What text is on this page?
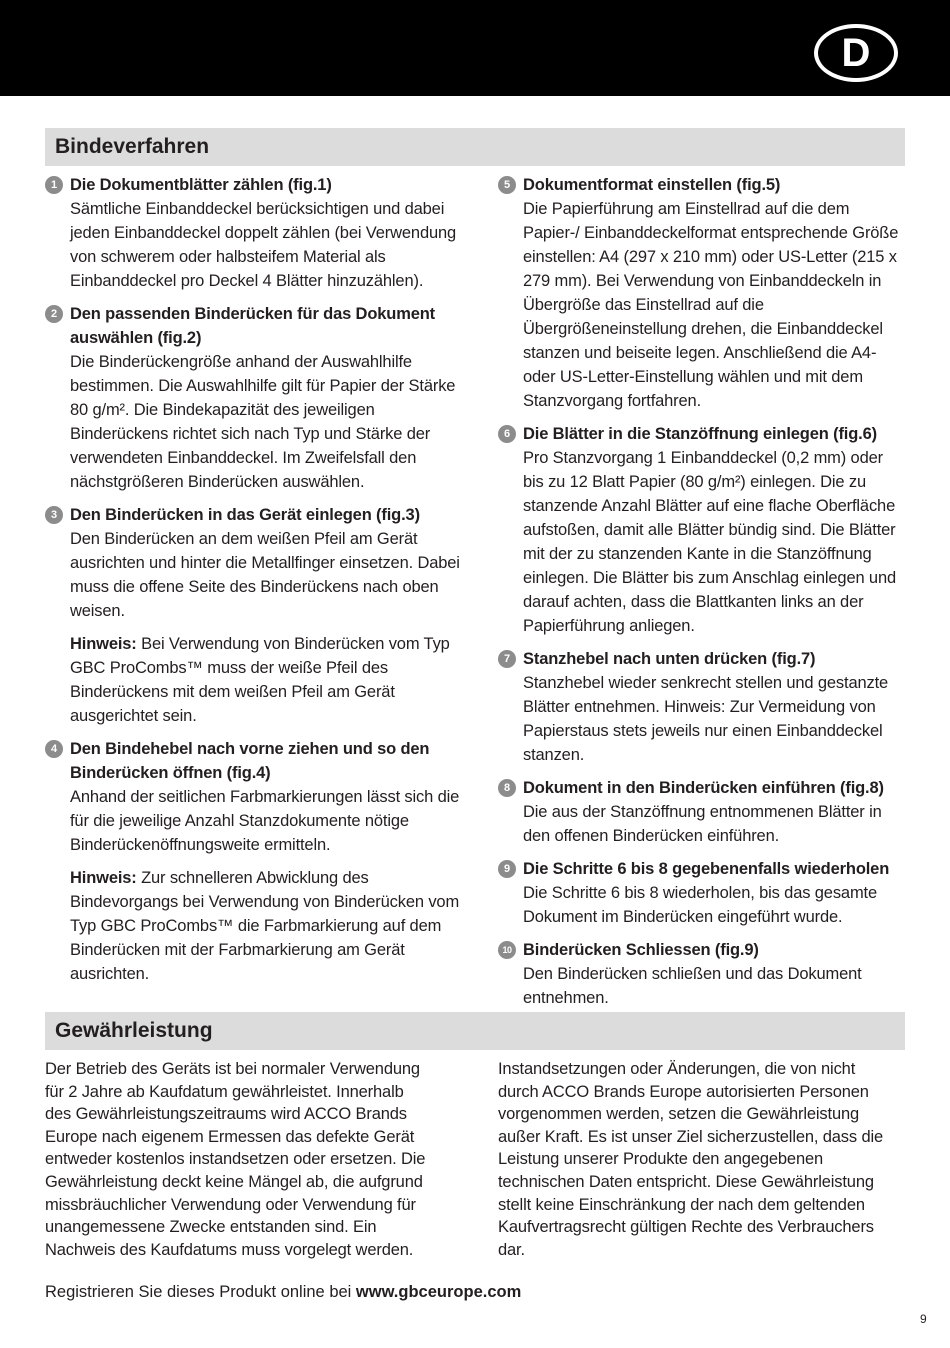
D
Bindeverfahren
1 Die Dokumentblätter zählen (fig.1)
Sämtliche Einbanddeckel berücksichtigen und dabei jeden Einbanddeckel doppelt zählen (bei Verwendung von schwerem oder halbsteifem Material als Einbanddeckel pro Deckel 4 Blätter hinzuzählen).
2 Den passenden Binderücken für das Dokument auswählen (fig.2)
Die Binderückengröße anhand der Auswahlhilfe bestimmen. Die Auswahlhilfe gilt für Papier der Stärke 80 g/m². Die Bindekapazität des jeweiligen Binderückens richtet sich nach Typ und Stärke der verwendeten Einbanddeckel. Im Zweifelsfall den nächstgrößeren Binderücken auswählen.
3 Den Binderücken in das Gerät einlegen (fig.3)
Den Binderücken an dem weißen Pfeil am Gerät ausrichten und hinter die Metallfinger einsetzen. Dabei muss die offene Seite des Binderückens nach oben weisen.
Hinweis: Bei Verwendung von Binderücken vom Typ GBC ProCombs™ muss der weiße Pfeil des Binderückens mit dem weißen Pfeil am Gerät ausgerichtet sein.
4 Den Bindehebel nach vorne ziehen und so den Binderücken öffnen (fig.4)
Anhand der seitlichen Farbmarkierungen lässt sich die für die jeweilige Anzahl Stanzdokumente nötige Binderückenöffnungsweite ermitteln.
Hinweis: Zur schnelleren Abwicklung des Bindevorgangs bei Verwendung von Binderücken vom Typ GBC ProCombs™ die Farbmarkierung auf dem Binderücken mit der Farbmarkierung am Gerät ausrichten.
5 Dokumentformat einstellen (fig.5)
Die Papierführung am Einstellrad auf die dem Papier-/ Einbanddeckelformat entsprechende Größe einstellen: A4 (297 x 210 mm) oder US-Letter (215 x 279 mm). Bei Verwendung von Einbanddeckeln in Übergröße das Einstellrad auf die Übergrößeneinstellung drehen, die Einbanddeckel stanzen und beiseite legen. Anschließend die A4- oder US-Letter-Einstellung wählen und mit dem Stanzvorgang fortfahren.
6 Die Blätter in die Stanzöffnung einlegen (fig.6)
Pro Stanzvorgang 1 Einbanddeckel (0,2 mm) oder bis zu 12 Blatt Papier (80 g/m²) einlegen. Die zu stanzende Anzahl Blätter auf eine flache Oberfläche aufstoßen, damit alle Blätter bündig sind. Die Blätter mit der zu stanzenden Kante in die Stanzöffnung einlegen. Die Blätter bis zum Anschlag einlegen und darauf achten, dass die Blattkanten links an der Papierführung anliegen.
7 Stanzhebel nach unten drücken (fig.7)
Stanzhebel wieder senkrecht stellen und gestanzte Blätter entnehmen. Hinweis: Zur Vermeidung von Papierstaus stets jeweils nur einen Einbanddeckel stanzen.
8 Dokument in den Binderücken einführen (fig.8)
Die aus der Stanzöffnung entnommenen Blätter in den offenen Binderücken einführen.
9 Die Schritte 6 bis 8 gegebenenfalls wiederholen
Die Schritte 6 bis 8 wiederholen, bis das gesamte Dokument im Binderücken eingeführt wurde.
10 Binderücken Schliessen (fig.9)
Den Binderücken schließen und das Dokument entnehmen.
Gewährleistung
Der Betrieb des Geräts ist bei normaler Verwendung für 2 Jahre ab Kaufdatum gewährleistet. Innerhalb des Gewährleistungszeitraums wird ACCO Brands Europe nach eigenem Ermessen das defekte Gerät entweder kostenlos instandsetzen oder ersetzen. Die Gewährleistung deckt keine Mängel ab, die aufgrund missbräuchlicher Verwendung oder Verwendung für unangemessene Zwecke entstanden sind. Ein Nachweis des Kaufdatums muss vorgelegt werden.
Instandsetzungen oder Änderungen, die von nicht durch ACCO Brands Europe autorisierten Personen vorgenommen werden, setzen die Gewährleistung außer Kraft. Es ist unser Ziel sicherzustellen, dass die Leistung unserer Produkte den angegebenen technischen Daten entspricht. Diese Gewährleistung stellt keine Einschränkung der nach dem geltenden Kaufvertragsrecht gültigen Rechte des Verbrauchers dar.
Registrieren Sie dieses Produkt online bei www.gbceurope.com
9
